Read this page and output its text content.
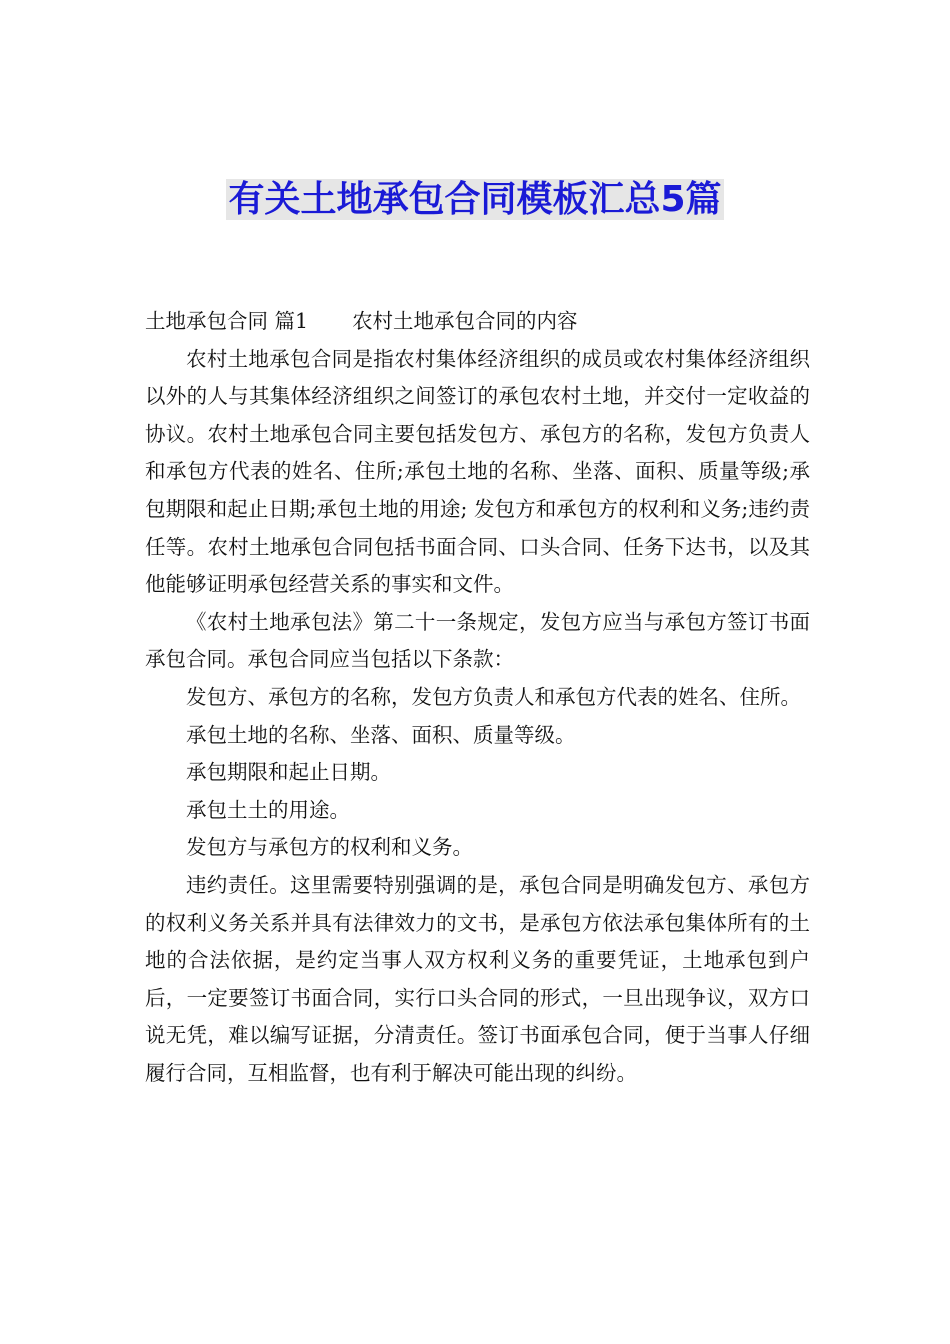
有关土地承包合同模板汇总5篇

土地承包合同 篇1 农村土地承包合同的内容

农村土地承包合同是指农村集体经济组织的成员或农村集体经济组织以外的人与其集体经济组织之间签订的承包农村土地，并交付一定收益的协议。农村土地承包合同主要包括发包方、承包方的名称，发包方负责人和承包方代表的姓名、住所;承包土地的名称、坐落、面积、质量等级;承包期限和起止日期;承包土地的用途; 发包方和承包方的权利和义务;违约责任等。农村土地承包合同包括书面合同、口头合同、任务下达书，以及其他能够证明承包经营关系的事实和文件。

《农村土地承包法》第二十一条规定，发包方应当与承包方签订书面承包合同。承包合同应当包括以下条款：

发包方、承包方的名称，发包方负责人和承包方代表的姓名、住所。

承包土地的名称、坐落、面积、质量等级。

承包期限和起止日期。

承包土土的用途。

发包方与承包方的权利和义务。

违约责任。这里需要特别强调的是，承包合同是明确发包方、承包方的权利义务关系并具有法律效力的文书，是承包方依法承包集体所有的土地的合法依据，是约定当事人双方权利义务的重要凭证，土地承包到户后，一定要签订书面合同，实行口头合同的形式，一旦出现争议，双方口说无凭，难以编写证据，分清责任。签订书面承包合同，便于当事人仔细履行合同，互相监督，也有利于解决可能出现的纠纷。
